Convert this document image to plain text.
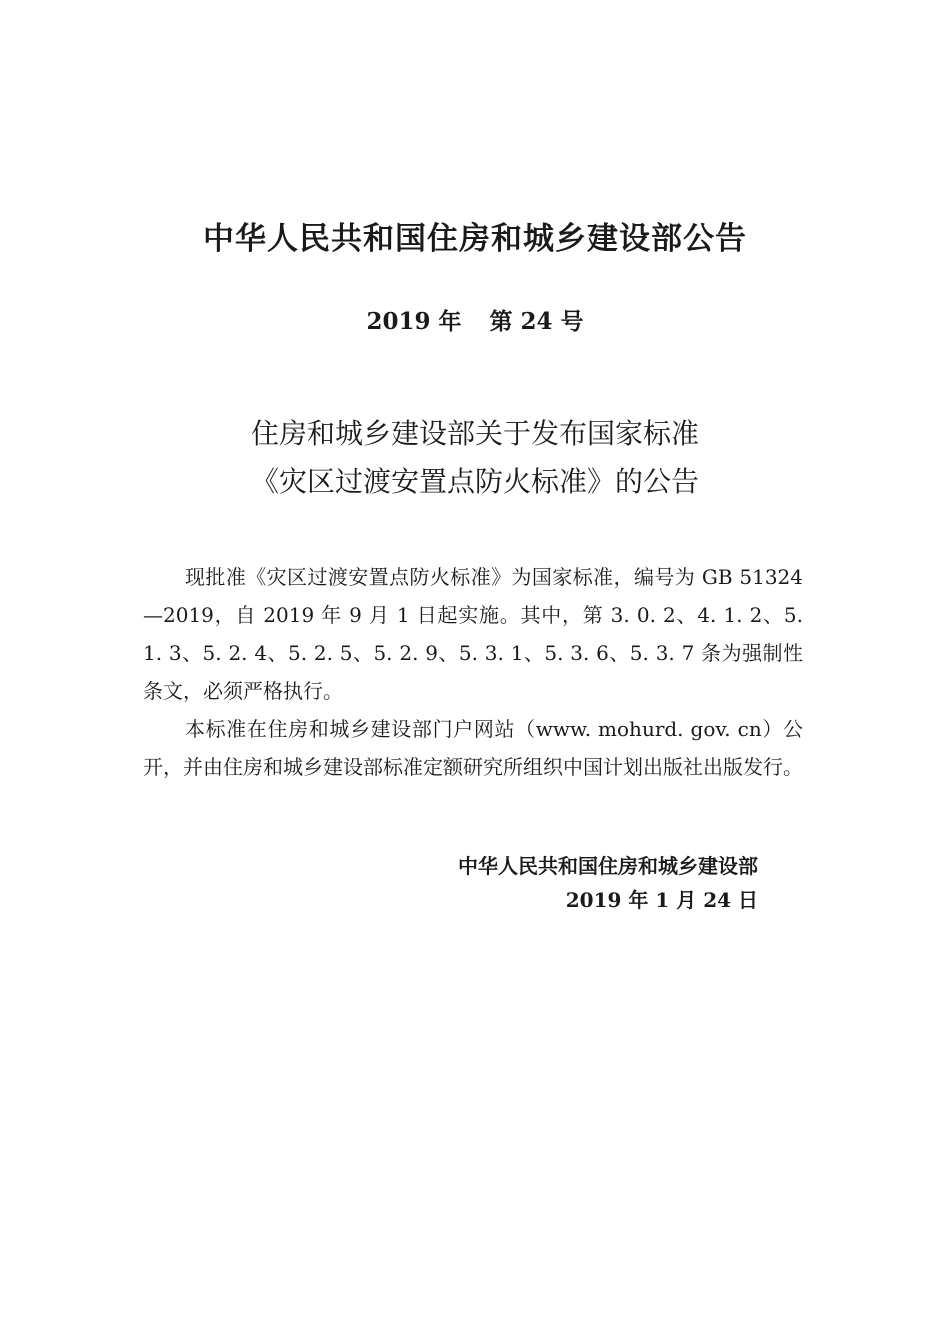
中华人民共和国住房和城乡建设部公告
2019 年 第 24 号
住房和城乡建设部关于发布国家标准
《灾区过渡安置点防火标准》的公告

现批准《灾区过渡安置点防火标准》为国家标准，编号为 GB 51324—2019，自 2019 年 9 月 1 日起实施。其中，第 3. 0. 2、4. 1. 2、5. 1. 3、5. 2. 4、5. 2. 5、5. 2. 9、5. 3. 1、5. 3. 6、5. 3. 7 条为强制性条文，必须严格执行。

本标准在住房和城乡建设部门户网站（www. mohurd. gov. cn）公开，并由住房和城乡建设部标准定额研究所组织中国计划出版社出版发行。

中华人民共和国住房和城乡建设部
2019 年 1 月 24 日
